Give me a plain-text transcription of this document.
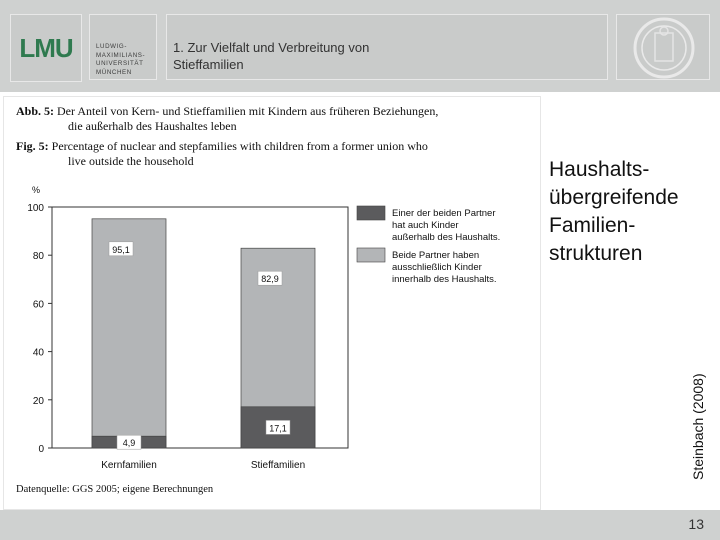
LMU	LUDWIG-
MAXIMILIANS-
UNIVERSITÄT
MÜNCHEN
1. Zur Vielfalt und Verbreitung von
Stieffamilien
Abb. 5: Der Anteil von Kern- und Stieffamilien mit Kindern aus früheren Beziehungen,
die außerhalb des Haushaltes leben
Fig. 5: Percentage of nuclear and stepfamilies with children from a former union who
live outside the household
0
20
40
60
80
100
%
95,1
4,9
Kernfamilien
82,9
17,1
Stieffamilien
Einer der beiden Partner
hat auch Kinder
außerhalb des Haushalts.
Beide Partner haben
ausschließlich Kinder
innerhalb des Haushalts.
Datenquelle: GGS 2005; eigene Berechnungen
Haushalts-
übergreifende
Familien-
strukturen
Steinbach (2008)
13
